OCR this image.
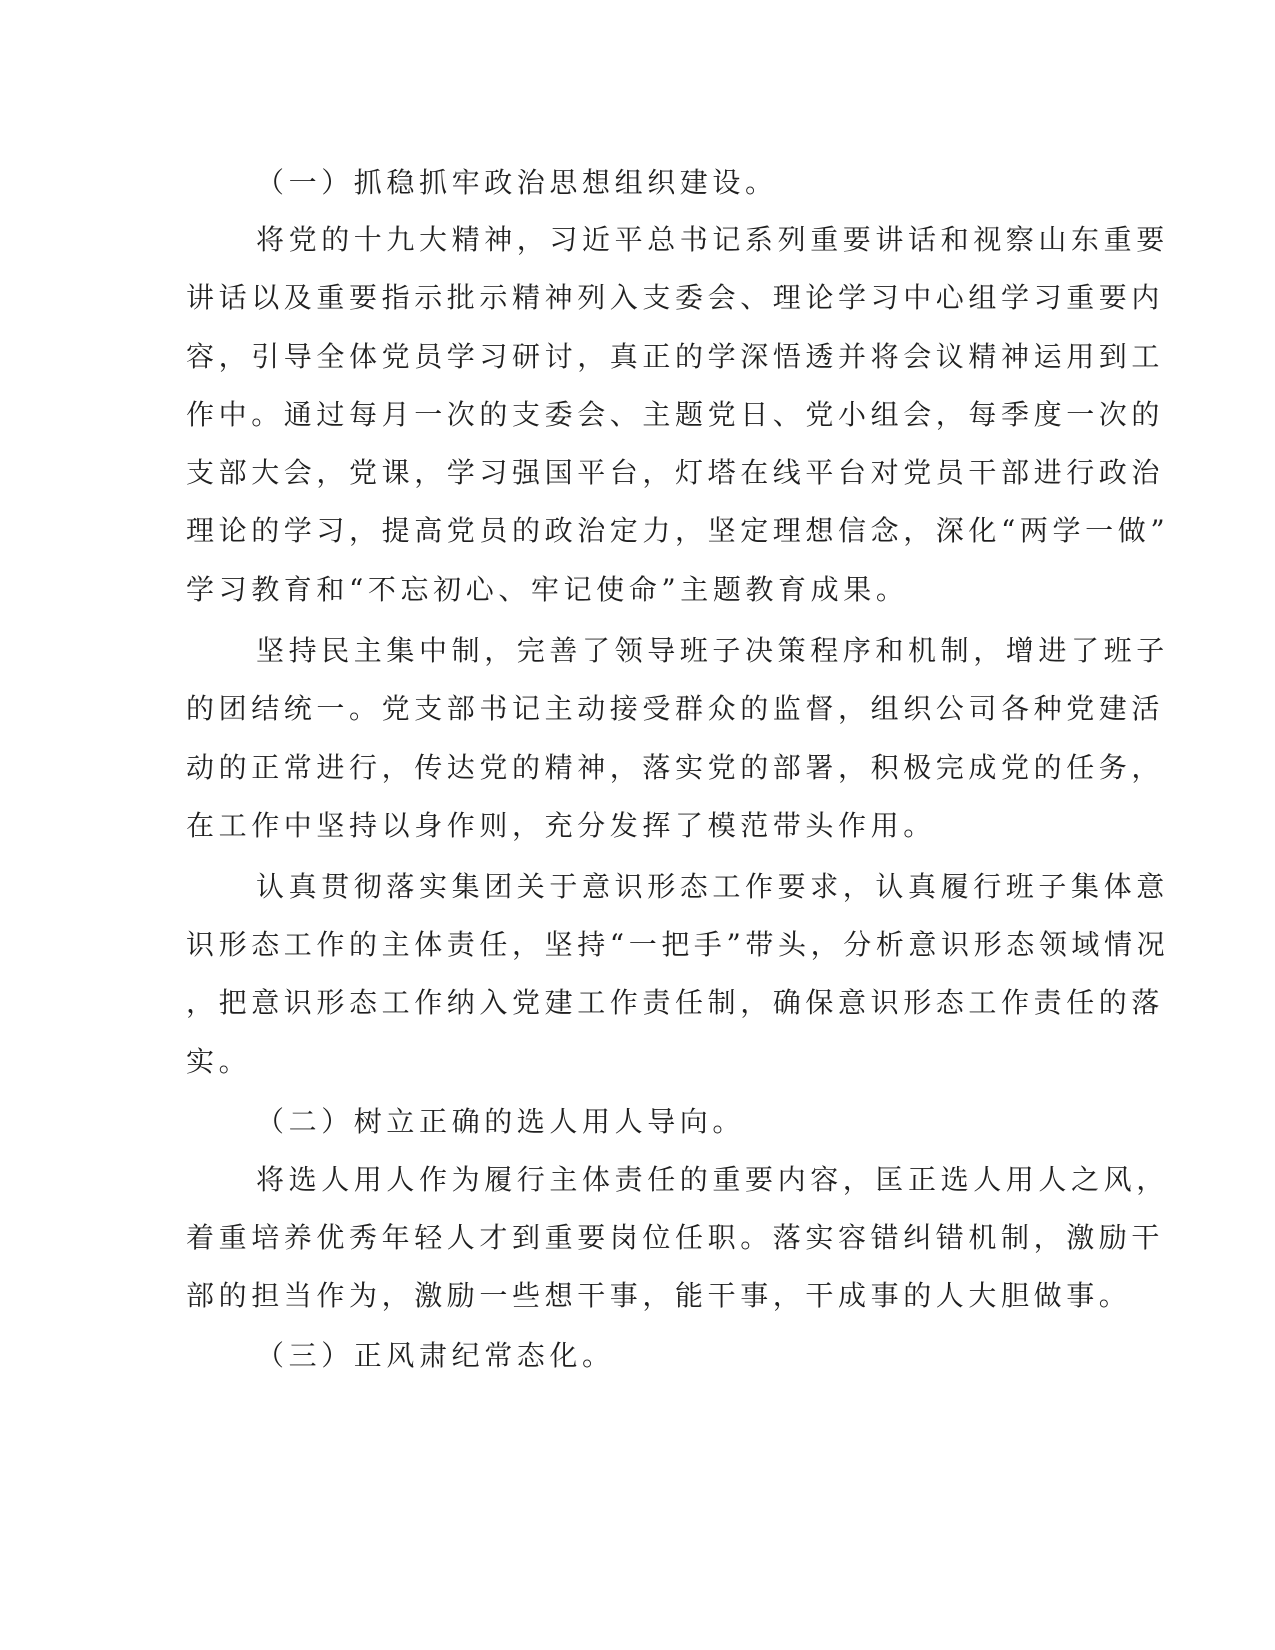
（一）抓稳抓牢政治思想组织建设。
将党的十九大精神，习近平总书记系列重要讲话和视察山东重要
讲话以及重要指示批示精神列入支委会、理论学习中心组学习重要内
容，引导全体党员学习研讨，真正的学深悟透并将会议精神运用到工
作中。通过每月一次的支委会、主题党日、党小组会，每季度一次的
支部大会，党课，学习强国平台，灯塔在线平台对党员干部进行政治
理论的学习，提高党员的政治定力，坚定理想信念，深化“两学一做”
学习教育和“不忘初心、牢记使命”主题教育成果。
坚持民主集中制，完善了领导班子决策程序和机制，增进了班子
的团结统一。党支部书记主动接受群众的监督，组织公司各种党建活
动的正常进行，传达党的精神，落实党的部署，积极完成党的任务，
在工作中坚持以身作则，充分发挥了模范带头作用。
认真贯彻落实集团关于意识形态工作要求，认真履行班子集体意
识形态工作的主体责任，坚持“一把手”带头，分析意识形态领域情况
，把意识形态工作纳入党建工作责任制，确保意识形态工作责任的落
实。
（二）树立正确的选人用人导向。
将选人用人作为履行主体责任的重要内容，匡正选人用人之风，
着重培养优秀年轻人才到重要岗位任职。落实容错纠错机制，激励干
部的担当作为，激励一些想干事，能干事，干成事的人大胆做事。
（三）正风肃纪常态化。
